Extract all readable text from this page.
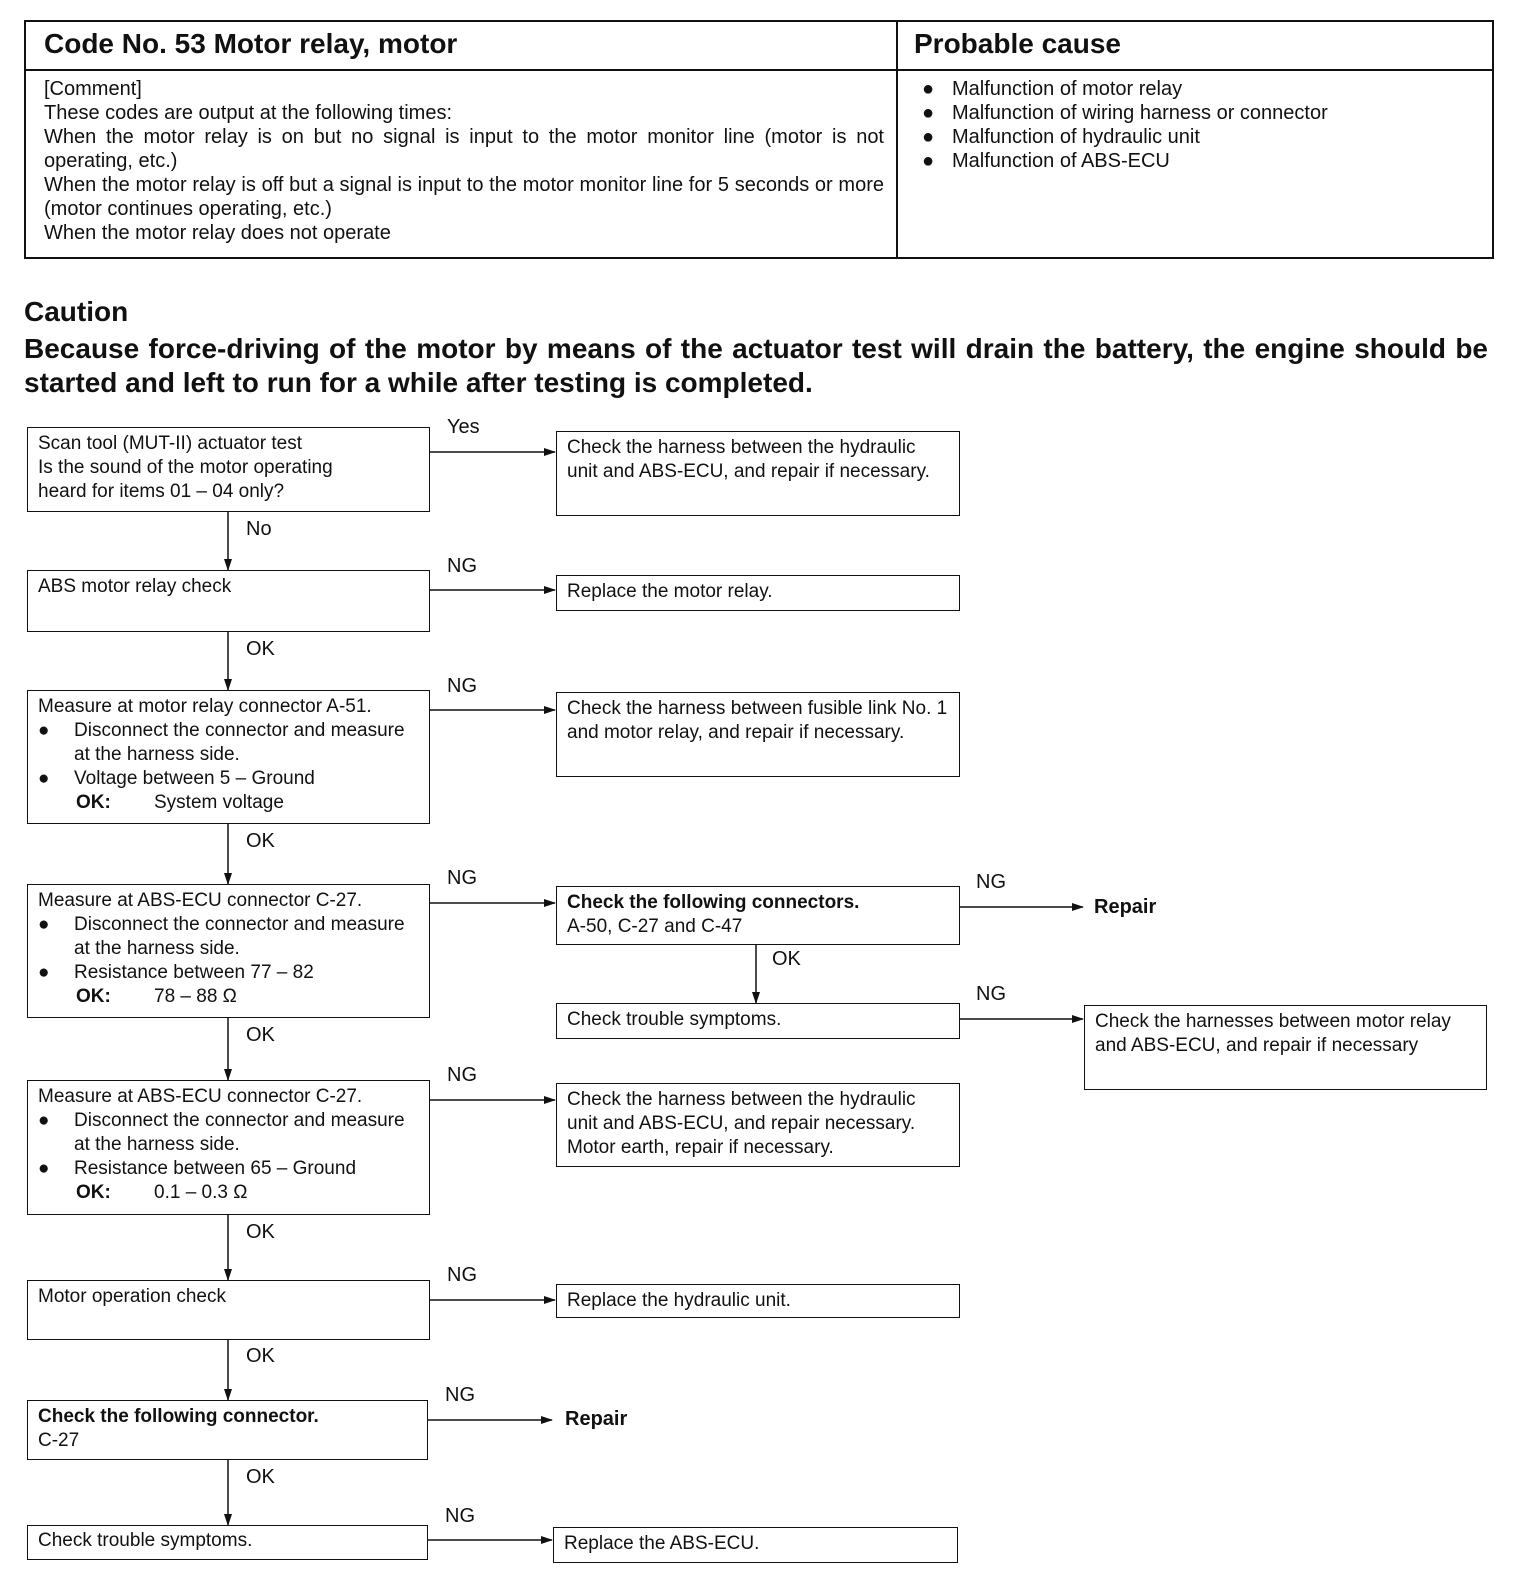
Code No. 53 Motor relay, motor	Probable cause
[Comment]
These codes are output at the following times:
When the motor relay is on but no signal is input to the motor monitor line (motor is not operating, etc.)
When the motor relay is off but a signal is input to the motor monitor line for 5 seconds or more (motor continues operating, etc.)
When the motor relay does not operate
● Malfunction of motor relay
● Malfunction of wiring harness or connector
● Malfunction of hydraulic unit
● Malfunction of ABS-ECU
Caution
Because force-driving of the motor by means of the actuator test will drain the battery, the engine should be started and left to run for a while after testing is completed.
Yes
No
NG
OK
NG
OK
NG	NG
OK
NG
OK
NG
OK
NG
OK
NG
OK
NG
Repair
Repair
Scan tool (MUT-II) actuator test
Is the sound of the motor operating
heard for items 01 – 04 only?
ABS motor relay check
Measure at motor relay connector A-51.
●	Disconnect the connector and measure at the harness side.
●	Voltage between 5 – Ground
OK:	System voltage
Measure at ABS-ECU connector C-27.
●	Disconnect the connector and measure at the harness side.
●	Resistance between 77 – 82
OK:	78 – 88 Ω
Measure at ABS-ECU connector C-27.
●	Disconnect the connector and measure at the harness side.
●	Resistance between 65 – Ground
OK:	0.1 – 0.3 Ω
Motor operation check
Check the following connector.
C-27
Check trouble symptoms.
Check the harness between the hydraulic unit and ABS-ECU, and repair if necessary.
Replace the motor relay.
Check the harness between fusible link No. 1 and motor relay, and repair if necessary.
Check the following connectors.
A-50, C-27 and C-47
Check trouble symptoms.
Check the harness between the hydraulic unit and ABS-ECU, and repair necessary. Motor earth, repair if necessary.
Replace the hydraulic unit.
Replace the ABS-ECU.
Check the harnesses between motor relay and ABS-ECU, and repair if necessary
